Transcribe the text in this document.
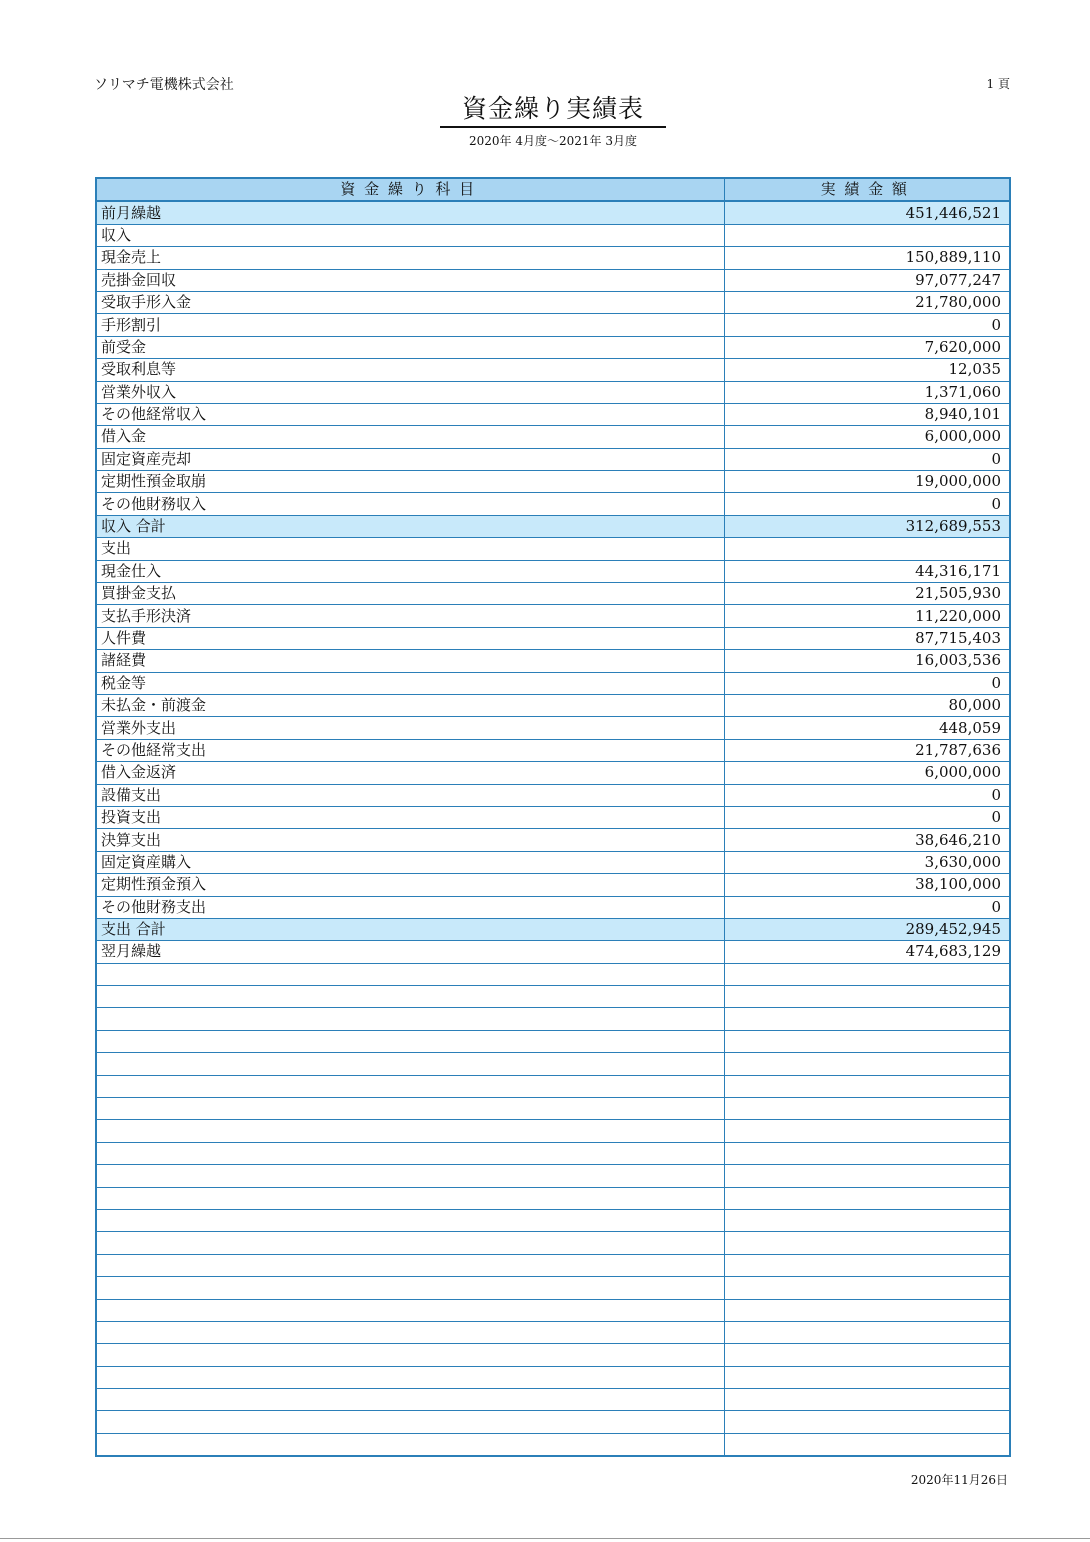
ソリマチ電機株式会社	1 頁
資金繰り実績表
2020年 4月度～2021年 3月度
資 金 繰 り 科 目	実 績 金 額
前月繰越	451,446,521
収入	
現金売上	150,889,110
売掛金回収	97,077,247
受取手形入金	21,780,000
手形割引	0
前受金	7,620,000
受取利息等	12,035
営業外収入	1,371,060
その他経常収入	8,940,101
借入金	6,000,000
固定資産売却	0
定期性預金取崩	19,000,000
その他財務収入	0
収入 合計	312,689,553
支出	
現金仕入	44,316,171
買掛金支払	21,505,930
支払手形決済	11,220,000
人件費	87,715,403
諸経費	16,003,536
税金等	0
未払金・前渡金	80,000
営業外支出	448,059
その他経常支出	21,787,636
借入金返済	6,000,000
設備支出	0
投資支出	0
決算支出	38,646,210
固定資産購入	3,630,000
定期性預金預入	38,100,000
その他財務支出	0
支出 合計	289,452,945
翌月繰越	474,683,129

2020年11月26日
